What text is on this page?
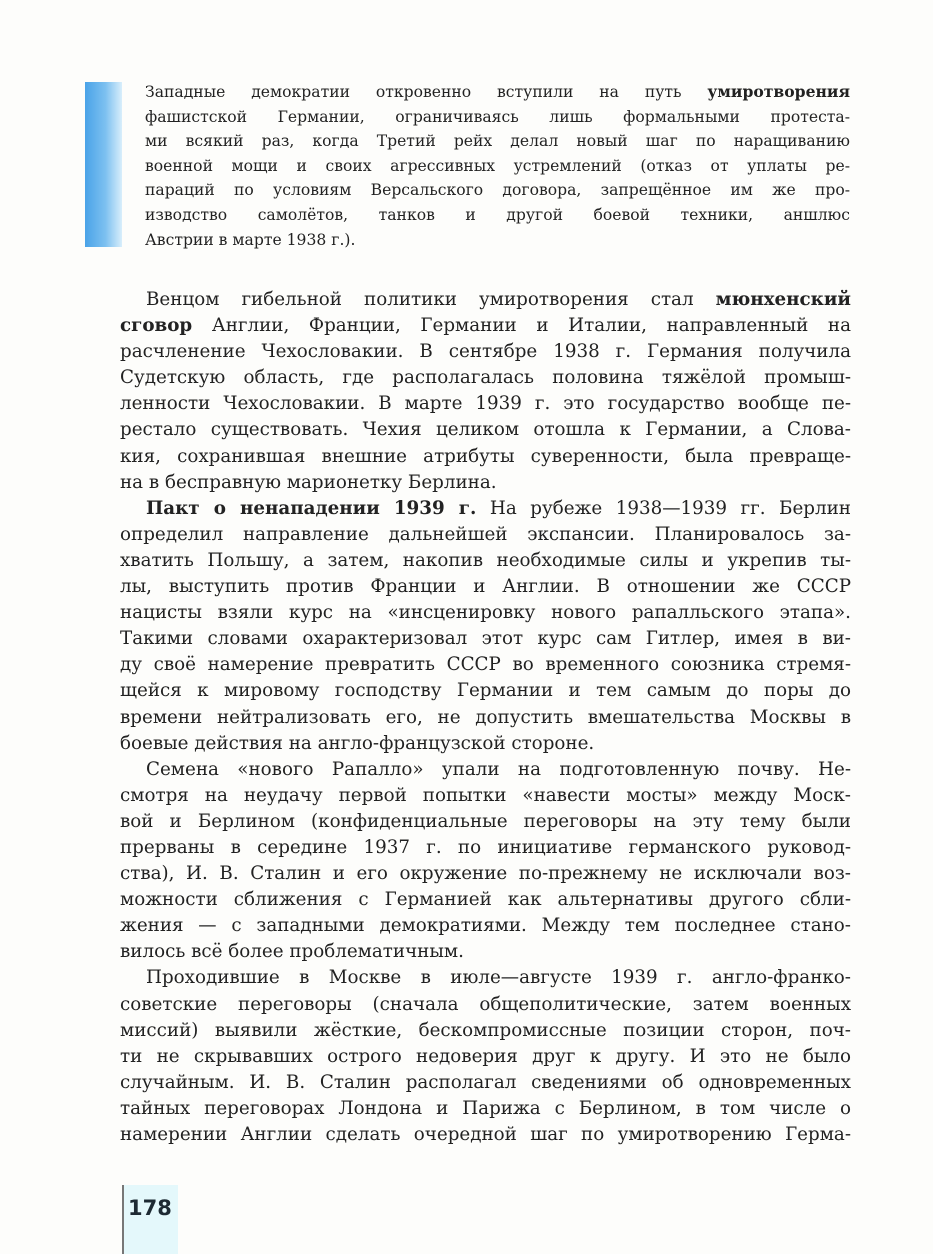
Западные демократии откровенно вступили на путь умиротворения
фашистской Германии, ограничиваясь лишь формальными протеста-
ми всякий раз, когда Третий рейх делал новый шаг по наращиванию
военной мощи и своих агрессивных устремлений (отказ от уплаты ре-
параций по условиям Версальского договора, запрещённое им же про-
изводство самолётов, танков и другой боевой техники, аншлюс
Австрии в марте 1938 г.).
Венцом гибельной политики умиротворения стал мюнхенский
сговор Англии, Франции, Германии и Италии, направленный на
расчленение Чехословакии. В сентябре 1938 г. Германия получила
Судетскую область, где располагалась половина тяжёлой промыш-
ленности Чехословакии. В марте 1939 г. это государство вообще пе-
рестало существовать. Чехия целиком отошла к Германии, а Слова-
кия, сохранившая внешние атрибуты суверенности, была превраще-
на в бесправную марионетку Берлина.
Пакт о ненападении 1939 г. На рубеже 1938—1939 гг. Берлин
определил направление дальнейшей экспансии. Планировалось за-
хватить Польшу, а затем, накопив необходимые силы и укрепив ты-
лы, выступить против Франции и Англии. В отношении же СССР
нацисты взяли курс на «инсценировку нового рапалльского этапа».
Такими словами охарактеризовал этот курс сам Гитлер, имея в ви-
ду своё намерение превратить СССР во временного союзника стремя-
щейся к мировому господству Германии и тем самым до поры до
времени нейтрализовать его, не допустить вмешательства Москвы в
боевые действия на англо-французской стороне.
Семена «нового Рапалло» упали на подготовленную почву. Не-
смотря на неудачу первой попытки «навести мосты» между Моск-
вой и Берлином (конфиденциальные переговоры на эту тему были
прерваны в середине 1937 г. по инициативе германского руковод-
ства), И. В. Сталин и его окружение по-прежнему не исключали воз-
можности сближения с Германией как альтернативы другого сбли-
жения — с западными демократиями. Между тем последнее стано-
вилось всё более проблематичным.
Проходившие в Москве в июле—августе 1939 г. англо-франко-
советские переговоры (сначала общеполитические, затем военных
миссий) выявили жёсткие, бескомпромиссные позиции сторон, поч-
ти не скрывавших острого недоверия друг к другу. И это не было
случайным. И. В. Сталин располагал сведениями об одновременных
тайных переговорах Лондона и Парижа с Берлином, в том числе о
намерении Англии сделать очередной шаг по умиротворению Герма-
178
